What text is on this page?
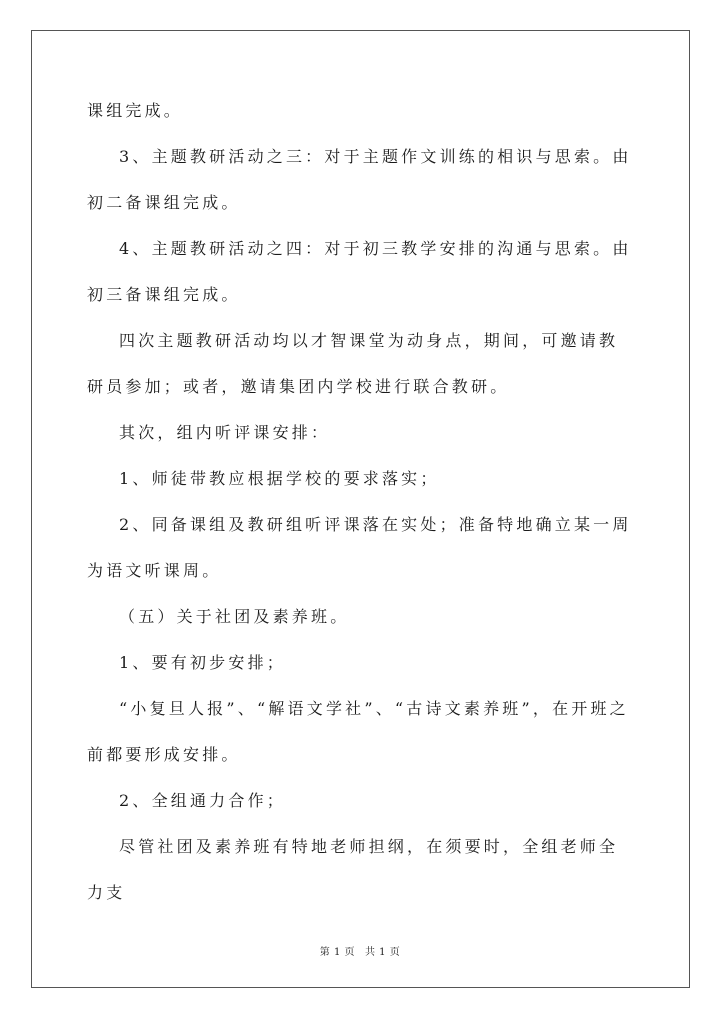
课组完成。

3、主题教研活动之三：对于主题作文训练的相识与思索。由初二备课组完成。

4、主题教研活动之四：对于初三教学安排的沟通与思索。由初三备课组完成。

四次主题教研活动均以才智课堂为动身点，期间，可邀请教研员参加；或者，邀请集团内学校进行联合教研。

其次，组内听评课安排：

1、师徒带教应根据学校的要求落实；

2、同备课组及教研组听评课落在实处；准备特地确立某一周为语文听课周。

（五）关于社团及素养班。

1、要有初步安排；

“小复旦人报”、“解语文学社”、“古诗文素养班”，在开班之前都要形成安排。

2、全组通力合作；

尽管社团及素养班有特地老师担纲，在须要时，全组老师全力支

第 1 页 共 1 页
